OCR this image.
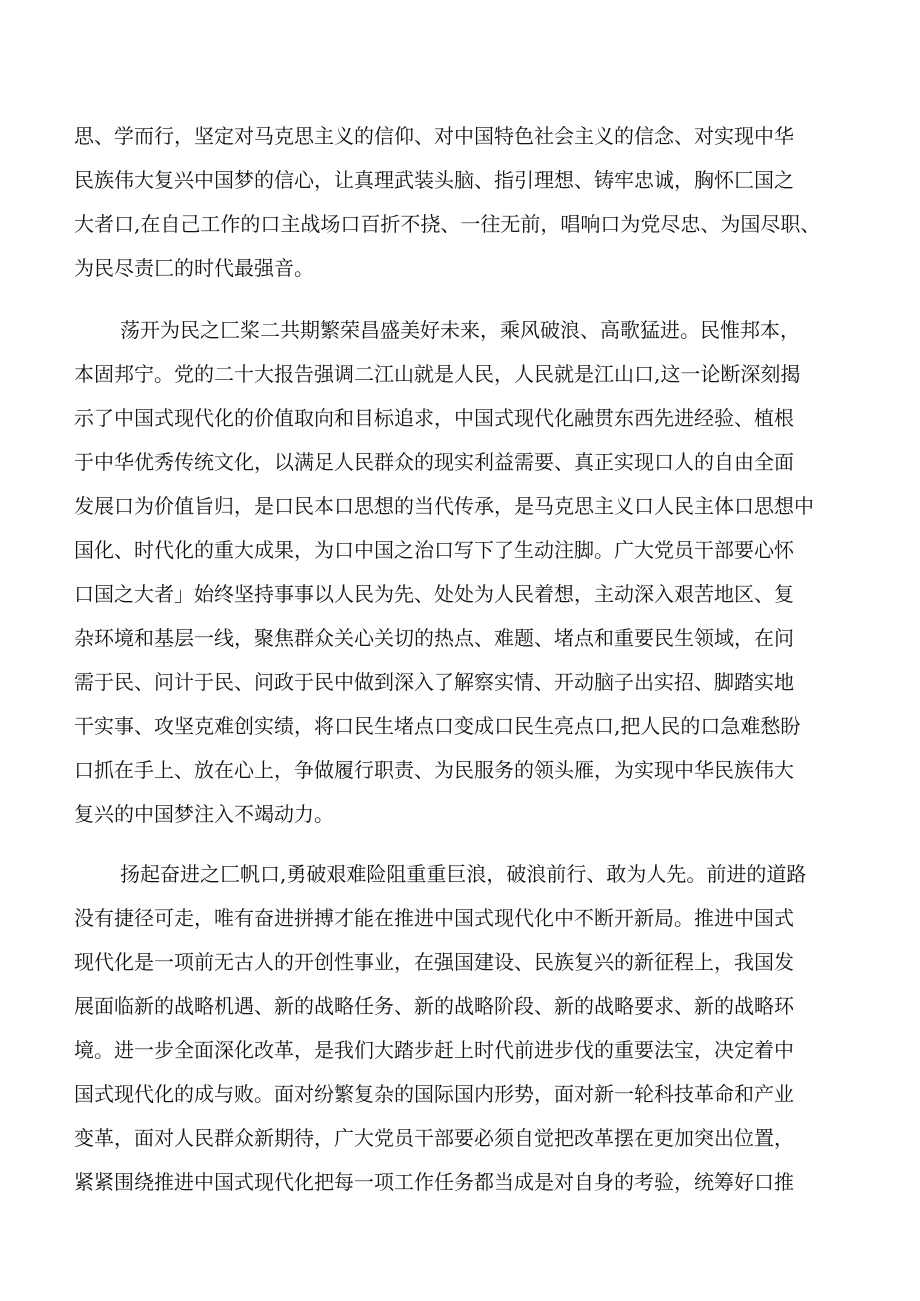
思、学而行，坚定对马克思主义的信仰、对中国特色社会主义的信念、对实现中华

民族伟大复兴中国梦的信心，让真理武装头脑、指引理想、铸牢忠诚，胸怀匚国之

大者口,在自己工作的口主战场口百折不挠、一往无前，唱响口为党尽忠、为国尽职、

为民尽责匚的时代最强音。

荡开为民之匚桨二共期繁荣昌盛美好未来，乘风破浪、高歌猛进。民惟邦本，

本固邦宁。党的二十大报告强调二江山就是人民，人民就是江山口,这一论断深刻揭

示了中国式现代化的价值取向和目标追求，中国式现代化融贯东西先进经验、植根

于中华优秀传统文化，以满足人民群众的现实利益需要、真正实现口人的自由全面

发展口为价值旨归，是口民本口思想的当代传承，是马克思主义口人民主体口思想中

国化、时代化的重大成果，为口中国之治口写下了生动注脚。广大党员干部要心怀

口国之大者」始终坚持事事以人民为先、处处为人民着想，主动深入艰苦地区、复

杂环境和基层一线，聚焦群众关心关切的热点、难题、堵点和重要民生领域，在问

需于民、问计于民、问政于民中做到深入了解察实情、开动脑子出实招、脚踏实地

干实事、攻坚克难创实绩，将口民生堵点口变成口民生亮点口,把人民的口急难愁盼

口抓在手上、放在心上，争做履行职责、为民服务的领头雁，为实现中华民族伟大

复兴的中国梦注入不竭动力。

扬起奋进之匚帆口,勇破艰难险阻重重巨浪，破浪前行、敢为人先。前进的道路

没有捷径可走，唯有奋进拼搏才能在推进中国式现代化中不断开新局。推进中国式

现代化是一项前无古人的开创性事业，在强国建设、民族复兴的新征程上，我国发

展面临新的战略机遇、新的战略任务、新的战略阶段、新的战略要求、新的战略环

境。进一步全面深化改革，是我们大踏步赶上时代前进步伐的重要法宝，决定着中

国式现代化的成与败。面对纷繁复杂的国际国内形势，面对新一轮科技革命和产业

变革，面对人民群众新期待，广大党员干部要必须自觉把改革摆在更加突出位置，

紧紧围绕推进中国式现代化把每一项工作任务都当成是对自身的考验，统筹好口推
